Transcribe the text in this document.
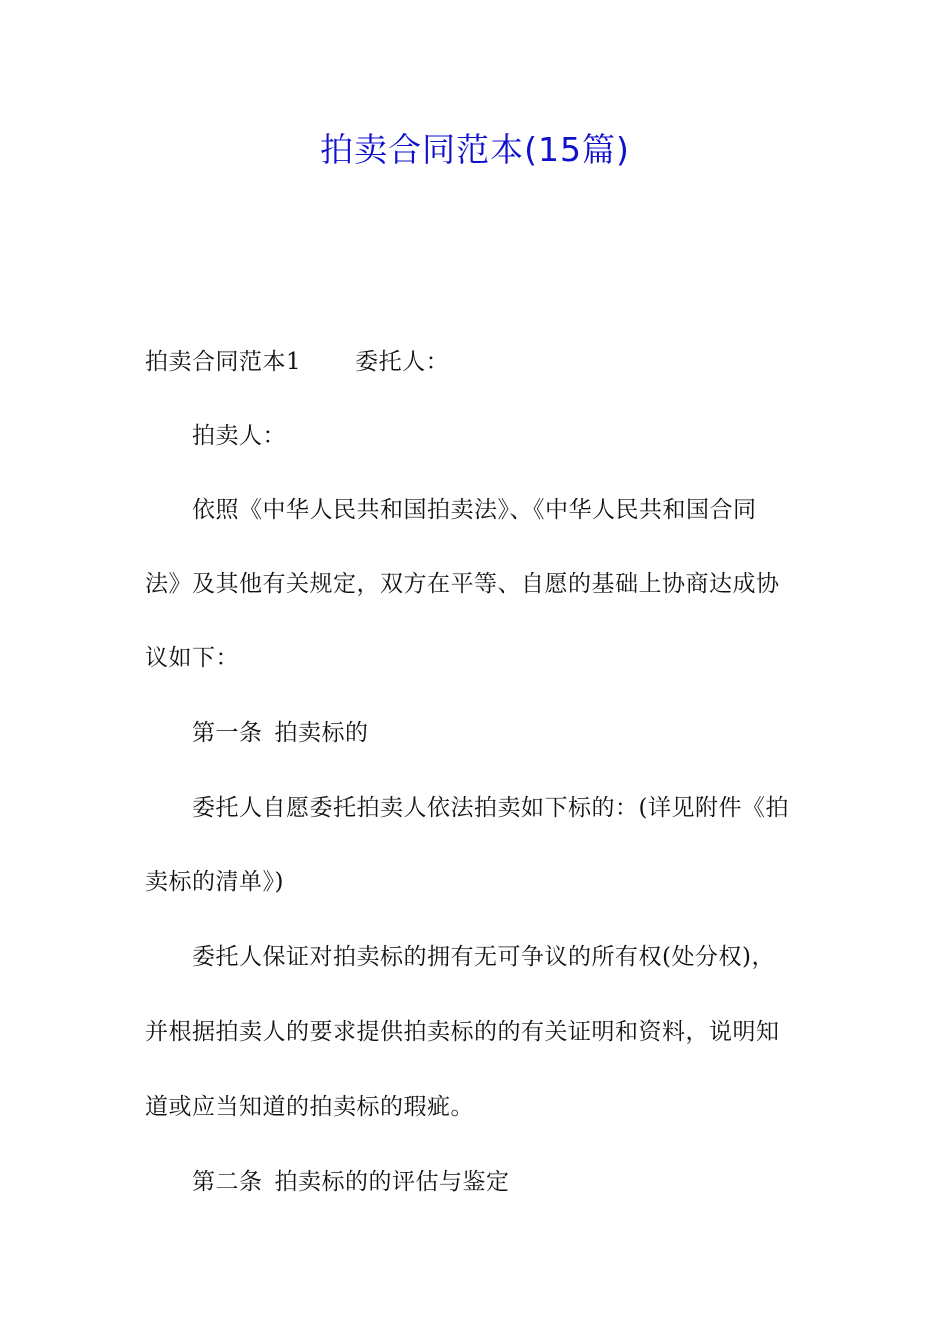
拍卖合同范本(15篇)
拍卖合同范本1 委托人：
拍卖人：
依照《中华人民共和国拍卖法》、《中华人民共和国合同
法》及其他有关规定，双方在平等、自愿的基础上协商达成协
议如下：
第一条 拍卖标的
委托人自愿委托拍卖人依法拍卖如下标的：(详见附件《拍
卖标的清单》)
委托人保证对拍卖标的拥有无可争议的所有权(处分权)，
并根据拍卖人的要求提供拍卖标的的有关证明和资料，说明知
道或应当知道的拍卖标的瑕疵。
第二条 拍卖标的的评估与鉴定
